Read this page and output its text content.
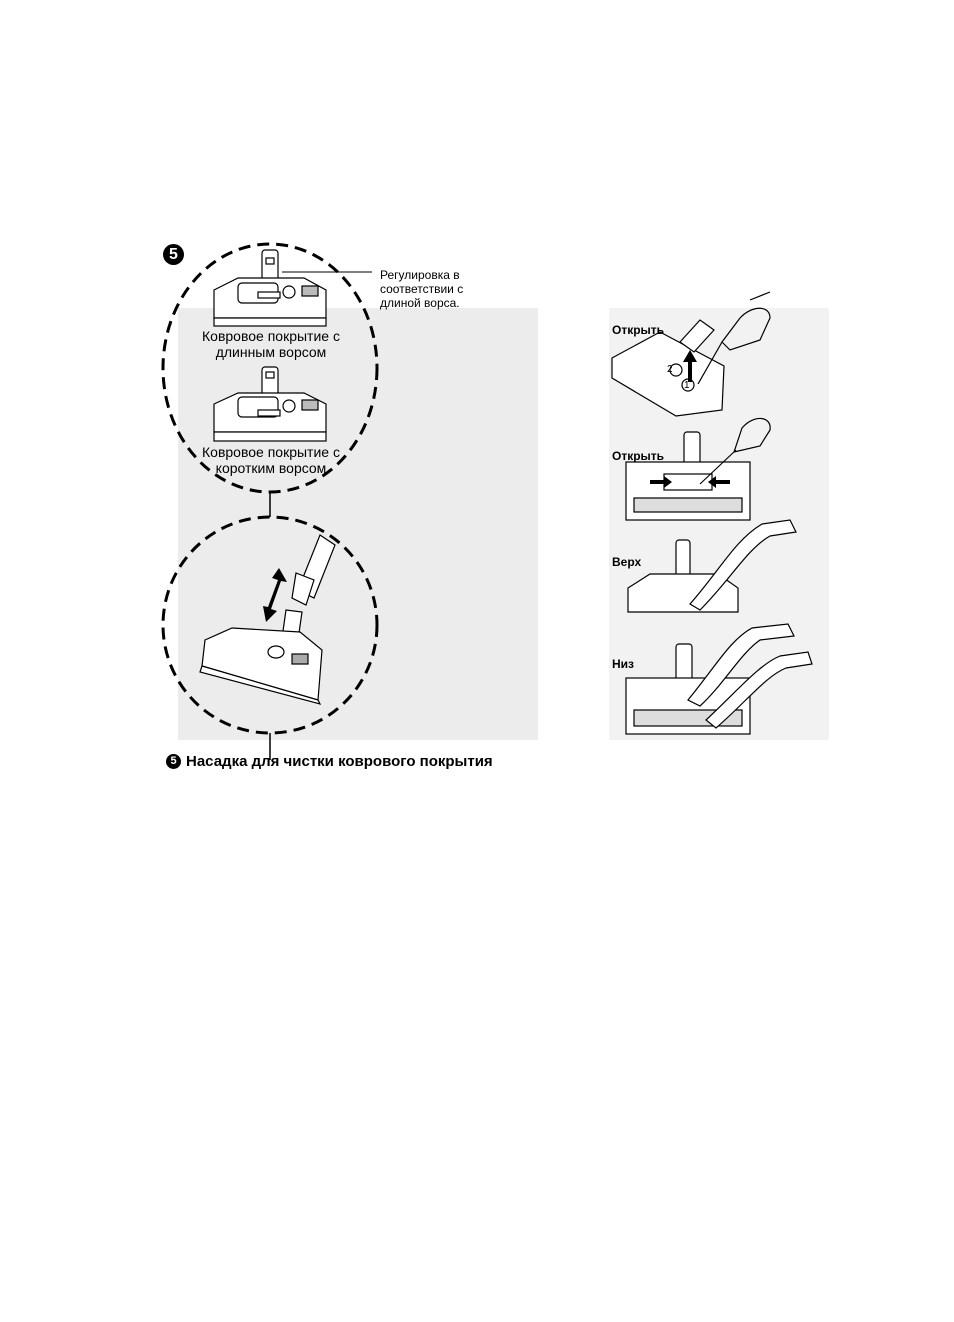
5
Регулировка в соответствии с длиной ворса.
Ковровое покрытие с длинным ворсом
Ковровое покрытие с коротким ворсом
Открыть
2
1
Открыть
Верх
Низ
5 Насадка для чистки коврового покрытия
